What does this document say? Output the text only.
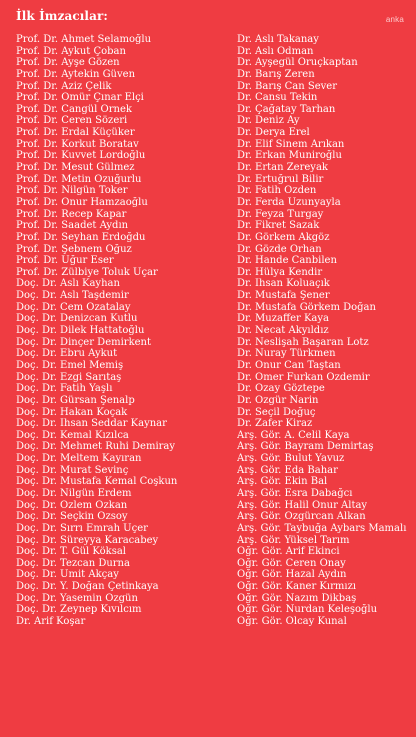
İlk İmzacılar:	anka
Prof. Dr. Ahmet Selamoğlu
Prof. Dr. Aykut Çoban
Prof. Dr. Ayşe Gözen
Prof. Dr. Aytekin Güven
Prof. Dr. Aziz Çelik
Prof. Dr. Ömür Çınar Elçi
Prof. Dr. Cangül Örnek
Prof. Dr. Ceren Sözeri
Prof. Dr. Erdal Küçüker
Prof. Dr. Korkut Boratav
Prof. Dr. Kuvvet Lordoğlu
Prof. Dr. Mesut Gülmez
Prof. Dr. Metin Özuğurlu
Prof. Dr. Nilgün Toker
Prof. Dr. Onur Hamzaoğlu
Prof. Dr. Recep Kapar
Prof. Dr. Saadet Aydın
Prof. Dr. Seyhan Erdoğdu
Prof. Dr. Şebnem Oğuz
Prof. Dr. Uğur Eser
Prof. Dr. Zülbiye Toluk Uçar
Doç. Dr. Aslı Kayhan
Doç. Dr. Aslı Taşdemir
Doç. Dr. Cem Özatalay
Doç. Dr. Denizcan Kutlu
Doç. Dr. Dilek Hattatoğlu
Doç. Dr. Dinçer Demirkent
Doç. Dr. Ebru Aykut
Doç. Dr. Emel Memiş
Doç. Dr. Ezgi Sarıtaş
Doç. Dr. Fatih Yaşlı
Doç. Dr. Gürsan Şenalp
Doç. Dr. Hakan Koçak
Doç. Dr. İhsan Seddar Kaynar
Doç. Dr. Kemal Kızılca
Doç. Dr. Mehmet Ruhi Demiray
Doç. Dr. Meltem Kayıran
Doç. Dr. Murat Sevinç
Doç. Dr. Mustafa Kemal Coşkun
Doç. Dr. Nilgün Erdem
Doç. Dr. Özlem Özkan
Doç. Dr. Seçkin Özsoy
Doç. Dr. Sırrı Emrah Üçer
Doç. Dr. Süreyya Karacabey
Doç. Dr. T. Gül Köksal
Doç. Dr. Tezcan Durna
Doç. Dr. Ümit Akçay
Doç. Dr. Y. Doğan Çetinkaya
Doç. Dr. Yasemin Özgün
Doç. Dr. Zeynep Kıvılcım
Dr. Arif Koşar
Dr. Aslı Takanay
Dr. Aslı Odman
Dr. Ayşegül Oruçkaptan
Dr. Barış Zeren
Dr. Barış Can Sever
Dr. Cansu Tekin
Dr. Çağatay Tarhan
Dr. Deniz Ay
Dr. Derya Erel
Dr. Elif Sinem Arıkan
Dr. Erkan Muniroğlu
Dr. Ertan Zereyak
Dr. Ertuğrul Bilir
Dr. Fatih Özden
Dr. Ferda Uzunyayla
Dr. Feyza Turgay
Dr. Fikret Sazak
Dr. Görkem Akgöz
Dr. Gözde Orhan
Dr. Hande Canbilen
Dr. Hülya Kendir
Dr. İhsan Koluaçık
Dr. Mustafa Şener
Dr. Mustafa Görkem Doğan
Dr. Muzaffer Kaya
Dr. Necat Akyıldız
Dr. Neslişah Başaran Lotz
Dr. Nuray Türkmen
Dr. Onur Can Taştan
Dr. Ömer Furkan Özdemir
Dr. Özay Göztepe
Dr. Özgür Narin
Dr. Seçil Doğuç
Dr. Zafer Kiraz
Arş. Gör. A. Celil Kaya
Arş. Gör. Bayram Demirtaş
Arş. Gör. Bulut Yavuz
Arş. Gör. Eda Bahar
Arş. Gör. Ekin Bal
Arş. Gör. Esra Dabağcı
Arş. Gör. Halil Onur Altay
Arş. Gör. Özgürcan Alkan
Arş. Gör. Taybuğa Aybars Mamalı
Arş. Gör. Yüksel Tarım
Öğr. Gör. Arif Ekinci
Öğr. Gör. Ceren Onay
Öğr. Gör. Hazal Aydın
Öğr. Gör. Kaner Kırmızı
Öğr. Gör. Nazım Dikbaş
Öğr. Gör. Nurdan Keleşoğlu
Öğr. Gör. Olcay Kunal
